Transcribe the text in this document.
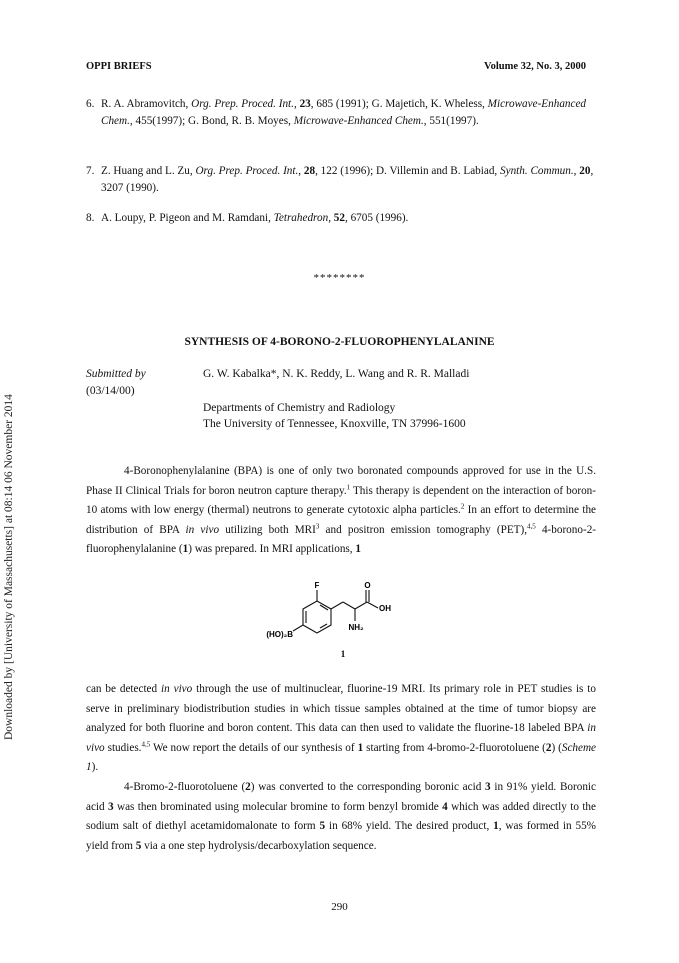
Downloaded by [University of Massachusetts] at 08:14 06 November 2014
OPPI BRIEFS	Volume 32, No. 3, 2000
6. R. A. Abramovitch, Org. Prep. Proced. Int., 23, 685 (1991); G. Majetich, K. Wheless, Microwave-Enhanced Chem., 455(1997); G. Bond, R. B. Moyes, Microwave-Enhanced Chem., 551(1997).
7. Z. Huang and L. Zu, Org. Prep. Proced. Int., 28, 122 (1996); D. Villemin and B. Labiad, Synth. Commun., 20, 3207 (1990).
8. A. Loupy, P. Pigeon and M. Ramdani, Tetrahedron, 52, 6705 (1996).
********
SYNTHESIS OF 4-BORONO-2-FLUOROPHENYLALANINE
Submitted by
(03/14/00)
G. W. Kabalka*, N. K. Reddy, L. Wang and R. R. Malladi
Departments of Chemistry and Radiology
The University of Tennessee, Knoxville, TN 37996-1600
4-Boronophenylalanine (BPA) is one of only two boronated compounds approved for use in the U.S. Phase II Clinical Trials for boron neutron capture therapy.$^1$ This therapy is dependent on the interaction of boron-10 atoms with low energy (thermal) neutrons to generate cytotoxic alpha particles.$^2$ In an effort to determine the distribution of BPA in vivo utilizing both MRI$^3$ and positron emission tomography (PET),$^{4,5}$ 4-borono-2- fluorophenylalanine (1) was prepared. In MRI applications, 1
F	O
OH
NH₂
(HO)₂B
1
can be detected in vivo through the use of multinuclear, fluorine-19 MRI. Its primary role in PET studies is to serve in preliminary biodistribution studies in which tissue samples obtained at the time of tumor biopsy are analyzed for both fluorine and boron content. This data can then used to validate the fluorine-18 labeled BPA in vivo studies.$^{4,5}$ We now report the details of our synthesis of 1 starting from 4-bromo-2-fluorotoluene (2) (Scheme 1).
4-Bromo-2-fluorotoluene (2) was converted to the corresponding boronic acid 3 in 91% yield. Boronic acid 3 was then brominated using molecular bromine to form benzyl bromide 4 which was added directly to the sodium salt of diethyl acetamidomalonate to form 5 in 68% yield. The desired product, 1, was formed in 55% yield from 5 via a one step hydrolysis/decarboxylation sequence.
290
